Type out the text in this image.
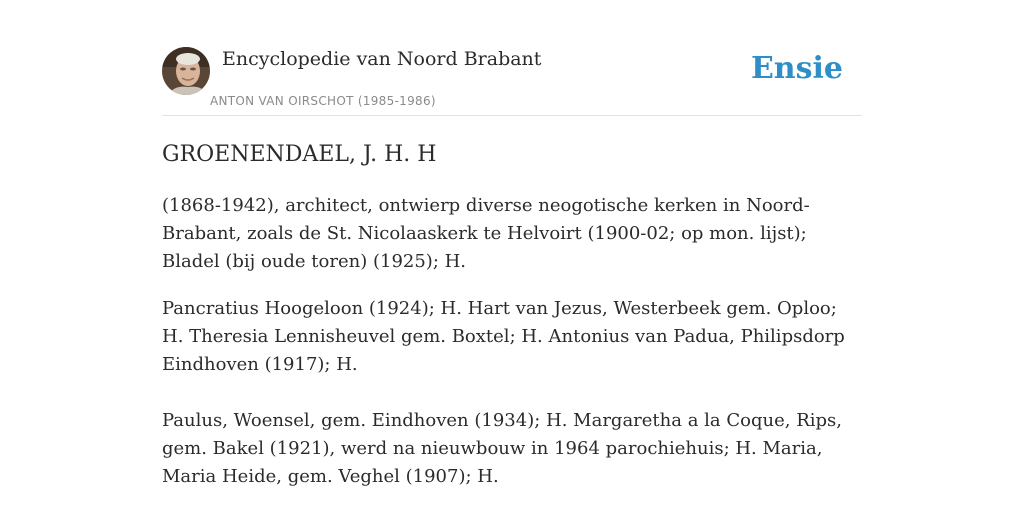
Encyclopedie van Noord Brabant
ANTON VAN OIRSCHOT (1985-1986)
Ensie
GROENENDAEL, J. H. H

(1868-1942), architect, ontwierp diverse neogotische kerken in Noord-Brabant, zoals de St. Nicolaaskerk te Helvoirt (1900-02; op mon. lijst); Bladel (bij oude toren) (1925); H.

Pancratius Hoogeloon (1924); H. Hart van Jezus, Westerbeek gem. Oploo; H. Theresia Lennisheuvel gem. Boxtel; H. Antonius van Padua, Philipsdorp Eindhoven (1917); H.

Paulus, Woensel, gem. Eindhoven (1934); H. Margaretha a la Coque, Rips, gem. Bakel (1921), werd na nieuwbouw in 1964 parochiehuis; H. Maria, Maria Heide, gem. Veghel (1907); H.
